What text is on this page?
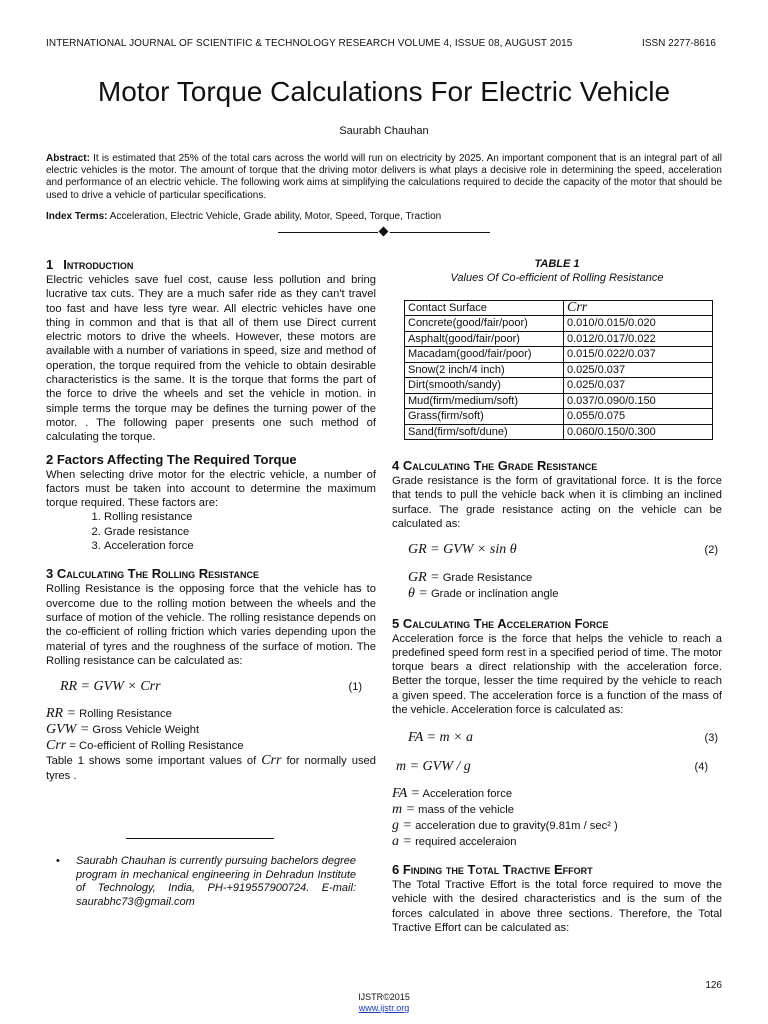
INTERNATIONAL JOURNAL OF SCIENTIFIC & TECHNOLOGY RESEARCH VOLUME 4, ISSUE 08, AUGUST 2015	ISSN 2277-8616
Motor Torque Calculations For Electric Vehicle
Saurabh Chauhan
Abstract: It is estimated that 25% of the total cars across the world will run on electricity by 2025. An important component that is an integral part of all electric vehicles is the motor. The amount of torque that the driving motor delivers is what plays a decisive role in determining the speed, acceleration and performance of an electric vehicle. The following work aims at simplifying the calculations required to decide the capacity of the motor that should be used to drive a vehicle of particular specifications.
Index Terms: Acceleration, Electric Vehicle, Grade ability, Motor, Speed, Torque, Traction
1 Introduction

Electric vehicles save fuel cost, cause less pollution and bring lucrative tax cuts. They are a much safer ride as they can't travel too fast and have less tyre wear. All electric vehicles have one thing in common and that is that all of them use Direct current electric motors to drive the wheels. However, these motors are available with a number of variations in speed, size and method of operation, the torque required from the vehicle to obtain desirable characteristics is the same. It is the torque that forms the part of the force to drive the wheels and set the vehicle in motion. in simple terms the torque may be defines the turning power of the motor. . The following paper presents one such method of calculating the torque.

2 Factors Affecting The Required Torque

When selecting drive motor for the electric vehicle, a number of factors must be taken into account to determine the maximum torque required. These factors are:

1. Rolling resistance
2. Grade resistance
3. Acceleration force
3 Calculating The Rolling Resistance

Rolling Resistance is the opposing force that the vehicle has to overcome due to the rolling motion between the wheels and the surface of motion of the vehicle. The rolling resistance depends on the co-efficient of rolling friction which varies depending upon the material of tyres and the roughness of the surface of motion. The Rolling resistance can be calculated as:

RR = GVW × Crr	(1)
RR = Rolling Resistance
GVW = Gross Vehicle Weight
Crr = Co-efficient of Rolling Resistance

Table 1 shows some important values of Crr for normally used tyres .

TABLE 1
Values Of Co-efficient of Rolling Resistance
Contact Surface	Crr
Concrete(good/fair/poor)	0.010/0.015/0.020
Asphalt(good/fair/poor)	0.012/0.017/0.022
Macadam(good/fair/poor)	0.015/0.022/0.037
Snow(2 inch/4 inch)	0.025/0.037
Dirt(smooth/sandy)	0.025/0.037
Mud(firm/medium/soft)	0.037/0.090/0.150
Grass(firm/soft)	0.055/0.075
Sand(firm/soft/dune)	0.060/0.150/0.300
4 Calculating The Grade Resistance

Grade resistance is the form of gravitational force. It is the force that tends to pull the vehicle back when it is climbing an inclined surface. The grade resistance acting on the vehicle can be calculated as:

GR = GVW × sin θ	(2)
GR = Grade Resistance
θ = Grade or inclination angle
5 Calculating The Acceleration Force

Acceleration force is the force that helps the vehicle to reach a predefined speed form rest in a specified period of time. The motor torque bears a direct relationship with the acceleration force. Better the torque, lesser the time required by the vehicle to reach a given speed. The acceleration force is a function of the mass of the vehicle. Acceleration force is calculated as:

FA = m × a	(3)
m = GVW / g	(4)
FA = Acceleration force
m = mass of the vehicle
g = acceleration due to gravity(9.81m / sec² )
a = required acceleraion
6 Finding the Total Tractive Effort

The Total Tractive Effort is the total force required to move the vehicle with the desired characteristics and is the sum of the forces calculated in above three sections. Therefore, the Total Tractive Effort can be calculated as:

•	Saurabh Chauhan is currently pursuing bachelors degree program in mechanical engineering in Dehradun Institute of Technology, India, PH-+919557900724. E-mail: saurabhc73@gmail.com
126
IJSTR©2015
www.ijstr.org
